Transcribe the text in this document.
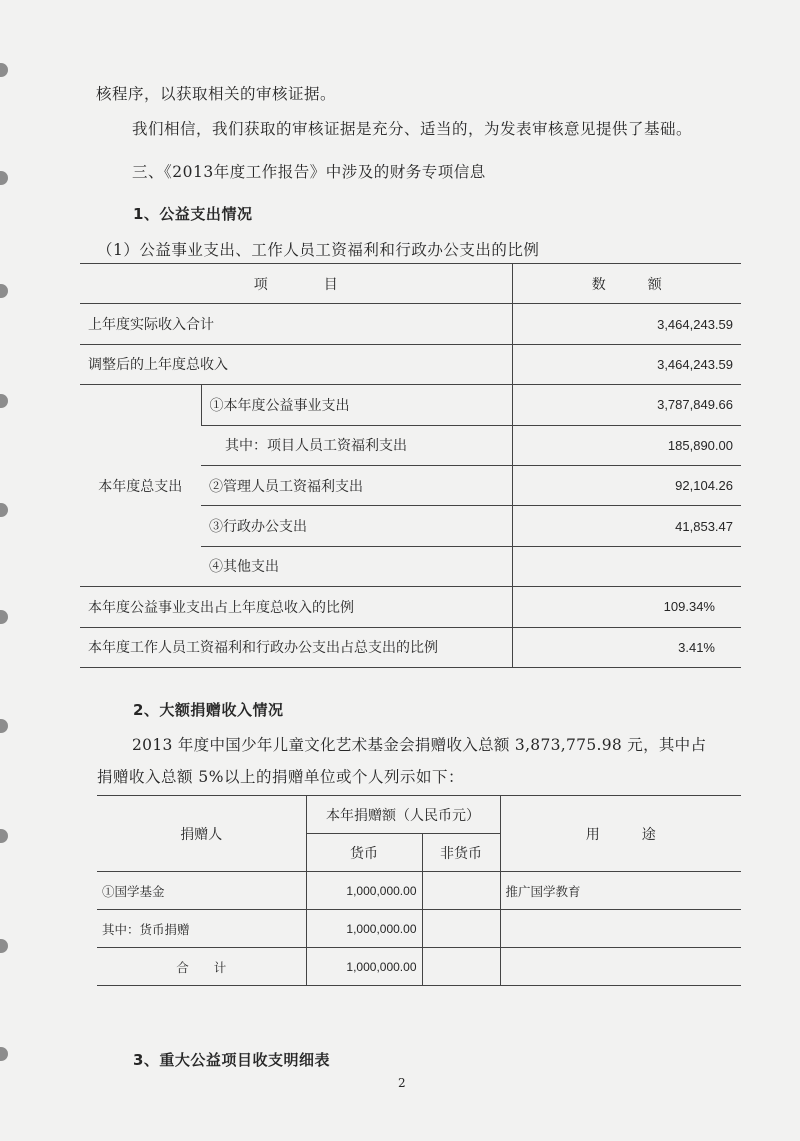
核程序，以获取相关的审核证据。
我们相信，我们获取的审核证据是充分、适当的，为发表审核意见提供了基础。
三、《2013年度工作报告》中涉及的财务专项信息
1、公益支出情况
（1）公益事业支出、工作人员工资福利和行政办公支出的比例
项　　　　目		数　　　额
上年度实际收入合计		3,464,243.59
调整后的上年度总收入		3,464,243.59
本年度总支出	①本年度公益事业支出	3,787,849.66
	其中：项目人员工资福利支出	185,890.00
	②管理人员工资福利支出	92,104.26
	③行政办公支出	41,853.47
	④其他支出	
本年度公益事业支出占上年度总收入的比例		109.34%
本年度工作人员工资福利和行政办公支出占总支出的比例		3.41%
2、大额捐赠收入情况
2013 年度中国少年儿童文化艺术基金会捐赠收入总额 3,873,775.98 元，其中占
捐赠收入总额 5%以上的捐赠单位或个人列示如下：
捐赠人	本年捐赠额（人民币元）		用　　　途
	货币	非货币	
①国学基金	1,000,000.00		推广国学教育
其中：货币捐赠	1,000,000.00		
合　　计	1,000,000.00		
3、重大公益项目收支明细表
2
